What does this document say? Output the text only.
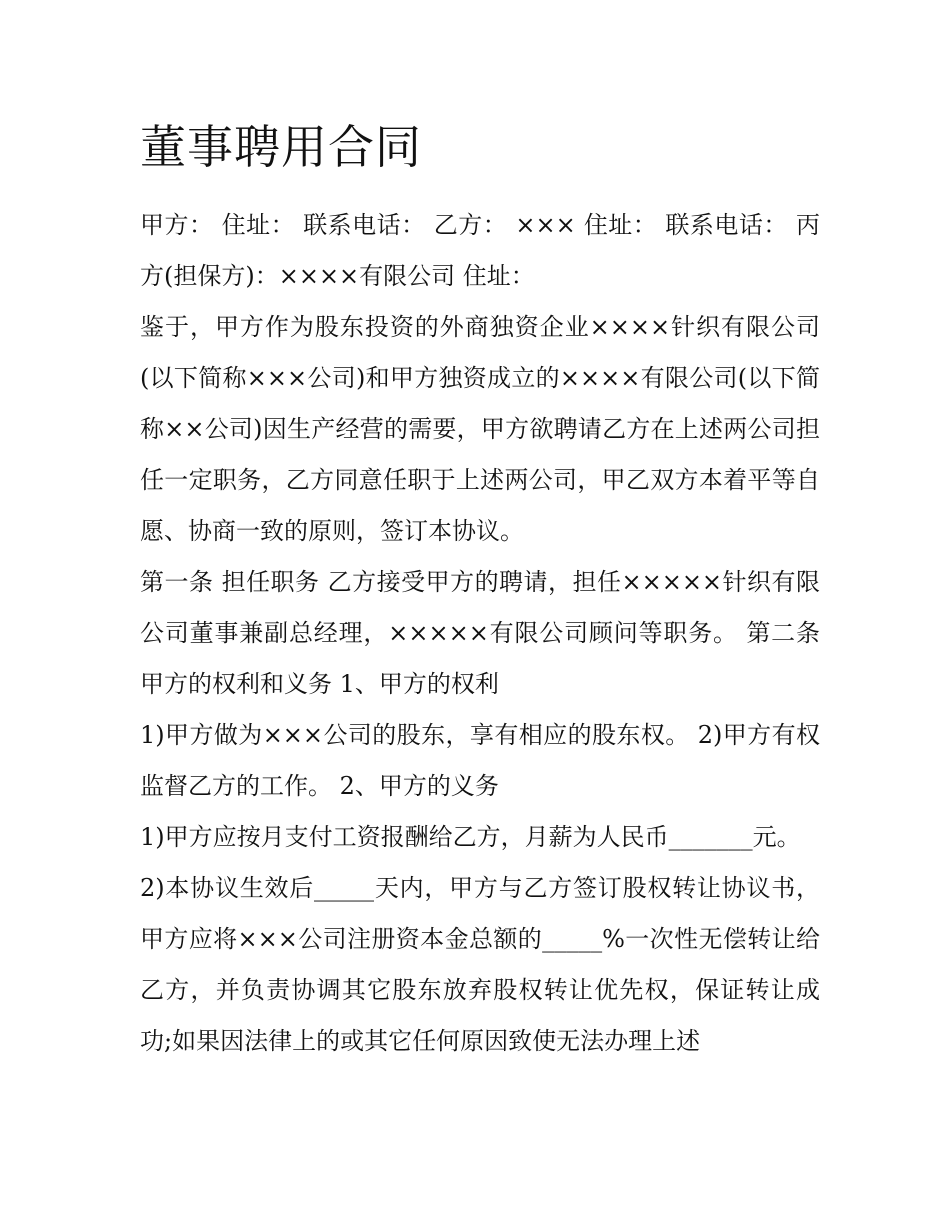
董事聘用合同

甲方： 住址： 联系电话： 乙方： ××× 住址： 联系电话： 丙方(担保方)：××××有限公司 住址：

鉴于，甲方作为股东投资的外商独资企业××××针织有限公司(以下简称×××公司)和甲方独资成立的××××有限公司(以下简称××公司)因生产经营的需要，甲方欲聘请乙方在上述两公司担任一定职务，乙方同意任职于上述两公司，甲乙双方本着平等自愿、协商一致的原则，签订本协议。

第一条 担任职务 乙方接受甲方的聘请，担任×××××针织有限公司董事兼副总经理，×××××有限公司顾问等职务。 第二条 甲方的权利和义务 1、甲方的权利

1)甲方做为×××公司的股东，享有相应的股东权。 2)甲方有权监督乙方的工作。 2、甲方的义务

1)甲方应按月支付工资报酬给乙方，月薪为人民币_______元。

2)本协议生效后_____天内，甲方与乙方签订股权转让协议书，甲方应将×××公司注册资本金总额的_____%一次性无偿转让给乙方，并负责协调其它股东放弃股权转让优先权，保证转让成功;如果因法律上的或其它任何原因致使无法办理上述
